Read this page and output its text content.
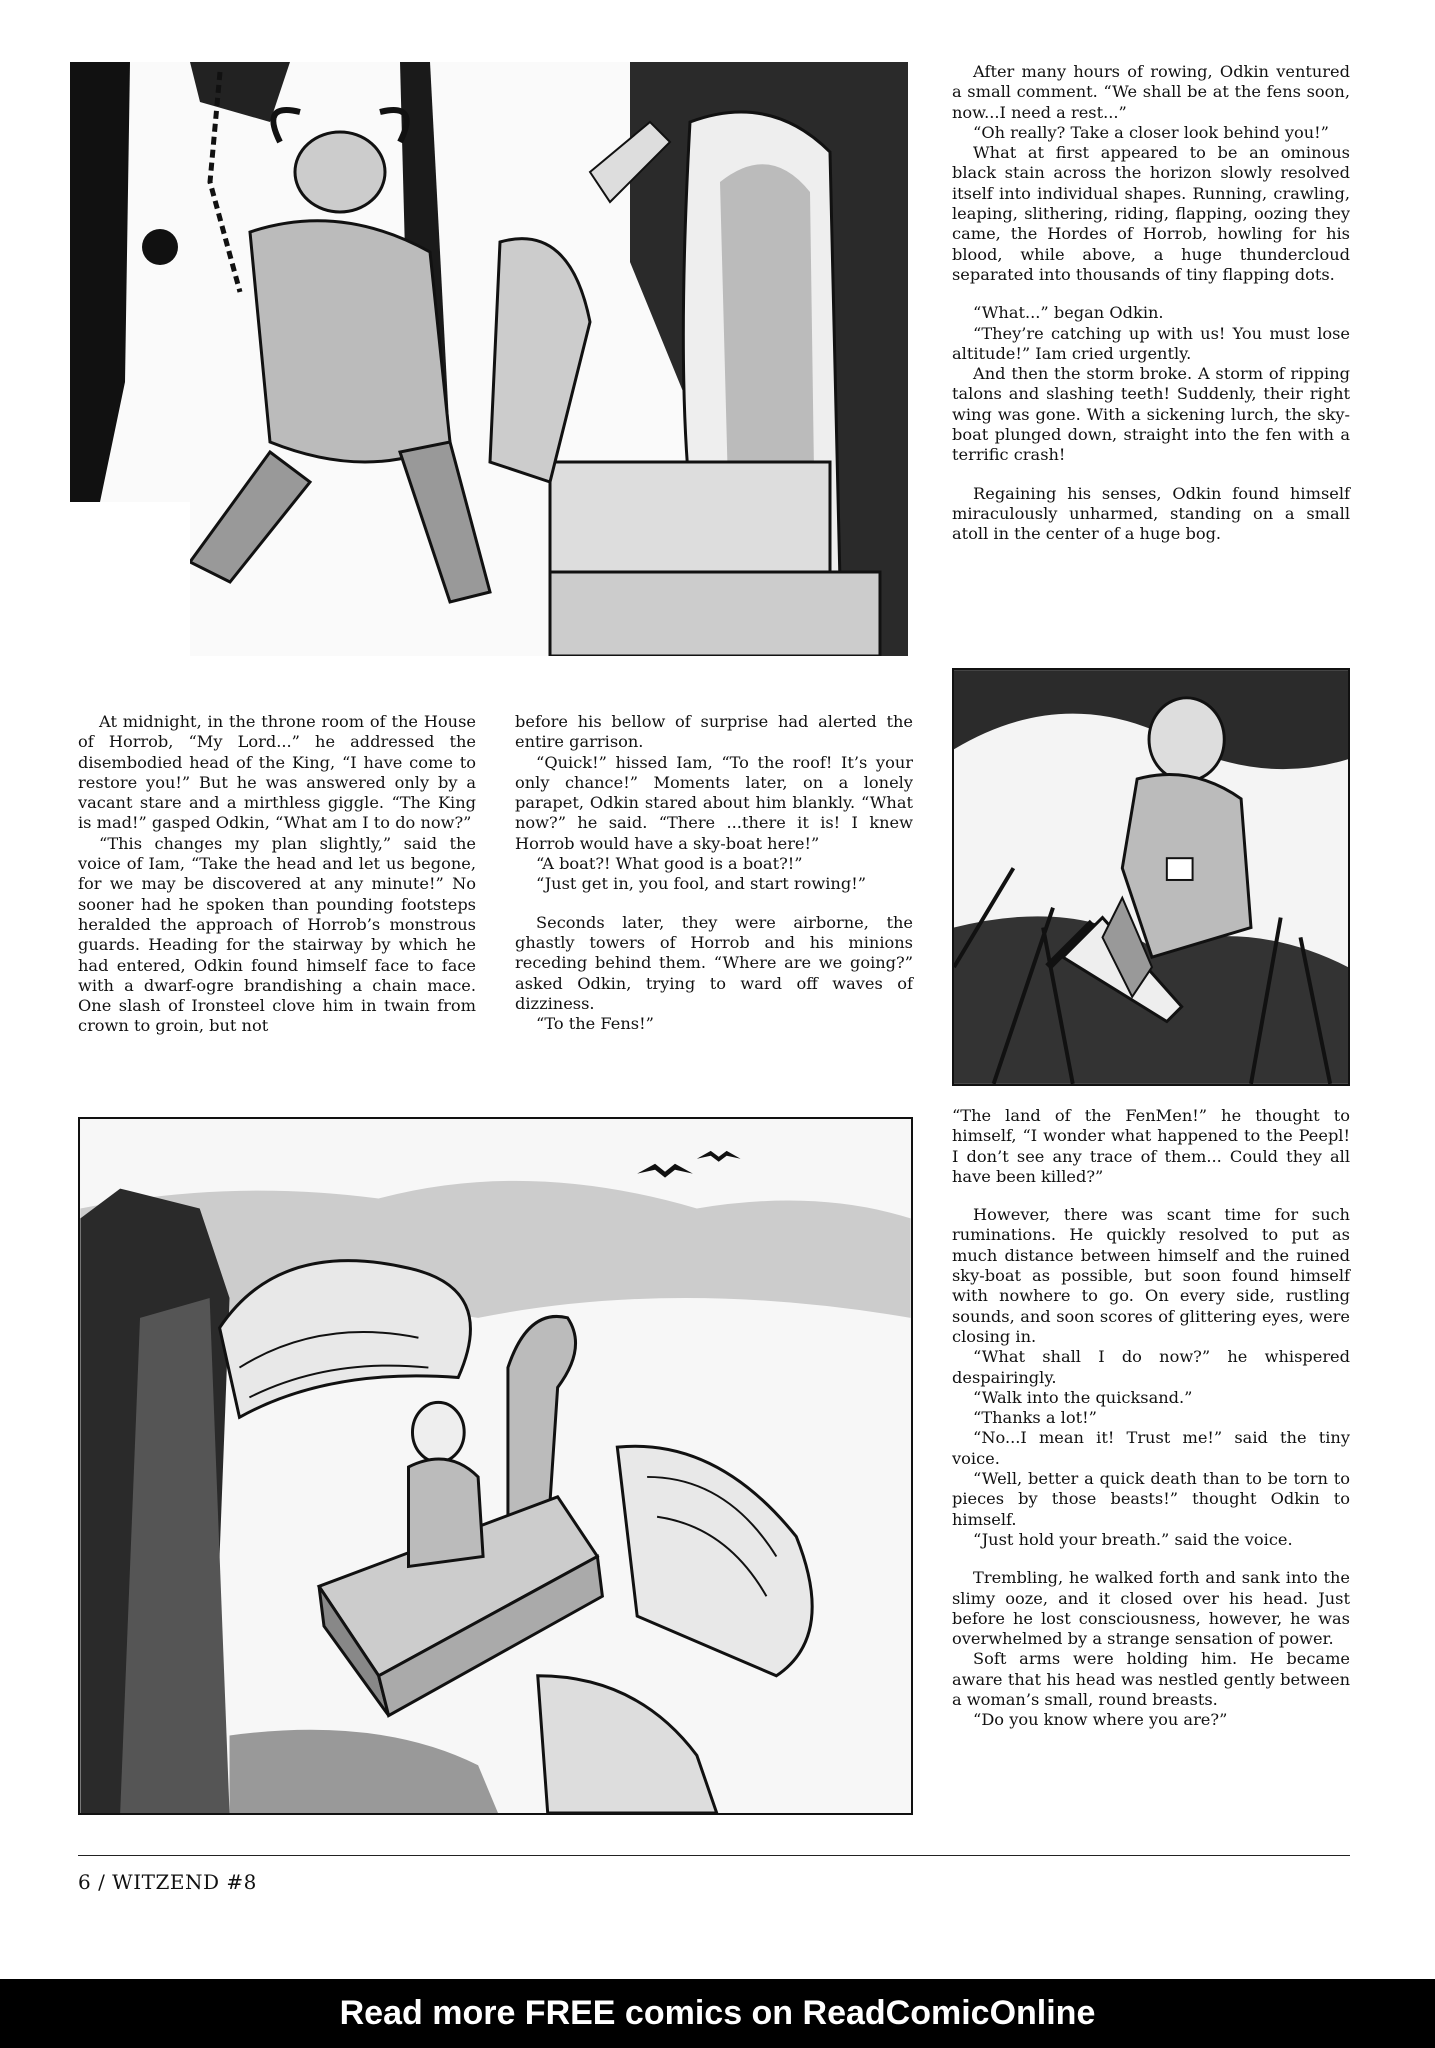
After many hours of rowing, Odkin ventured a small comment. “We shall be at the fens soon, now...I need a rest...”

“Oh really? Take a closer look behind you!”

What at first appeared to be an ominous black stain across the horizon slowly resolved itself into individual shapes. Running, crawling, leaping, slithering, riding, flapping, oozing they came, the Hordes of Horrob, howling for his blood, while above, a huge thundercloud separated into thousands of tiny flapping dots.

“What...” began Odkin.

“They’re catching up with us! You must lose altitude!” Iam cried urgently.

And then the storm broke. A storm of ripping talons and slashing teeth! Suddenly, their right wing was gone. With a sickening lurch, the sky-boat plunged down, straight into the fen with a terrific crash!

Regaining his senses, Odkin found himself miraculously unharmed, standing on a small atoll in the center of a huge bog.

At midnight, in the throne room of the House of Horrob, “My Lord...” he addressed the disembodied head of the King, “I have come to restore you!” But he was answered only by a vacant stare and a mirthless giggle. “The King is mad!” gasped Odkin, “What am I to do now?”

“This changes my plan slightly,” said the voice of Iam, “Take the head and let us begone, for we may be discovered at any minute!” No sooner had he spoken than pounding footsteps heralded the approach of Horrob’s monstrous guards. Heading for the stairway by which he had entered, Odkin found himself face to face with a dwarf-ogre brandishing a chain mace. One slash of Ironsteel clove him in twain from crown to groin, but not

before his bellow of surprise had alerted the entire garrison.

“Quick!” hissed Iam, “To the roof! It’s your only chance!” Moments later, on a lonely parapet, Odkin stared about him blankly. “What now?” he said. “There ...there it is! I knew Horrob would have a sky-boat here!”

“A boat?! What good is a boat?!”

“Just get in, you fool, and start rowing!”

Seconds later, they were airborne, the ghastly towers of Horrob and his minions receding behind them. “Where are we going?” asked Odkin, trying to ward off waves of dizziness.

“To the Fens!”

“The land of the FenMen!” he thought to himself, “I wonder what happened to the Peepl! I don’t see any trace of them... Could they all have been killed?”

However, there was scant time for such ruminations. He quickly resolved to put as much distance between himself and the ruined sky-boat as possible, but soon found himself with nowhere to go. On every side, rustling sounds, and soon scores of glittering eyes, were closing in.

“What shall I do now?” he whispered despairingly.

“Walk into the quicksand.”

“Thanks a lot!”

“No...I mean it! Trust me!” said the tiny voice.

“Well, better a quick death than to be torn to pieces by those beasts!” thought Odkin to himself.

“Just hold your breath.” said the voice.

Trembling, he walked forth and sank into the slimy ooze, and it closed over his head. Just before he lost consciousness, however, he was overwhelmed by a strange sensation of power.

Soft arms were holding him. He became aware that his head was nestled gently between a woman’s small, round breasts.

“Do you know where you are?”

6 / WITZEND #8
Read more FREE comics on ReadComicOnline
